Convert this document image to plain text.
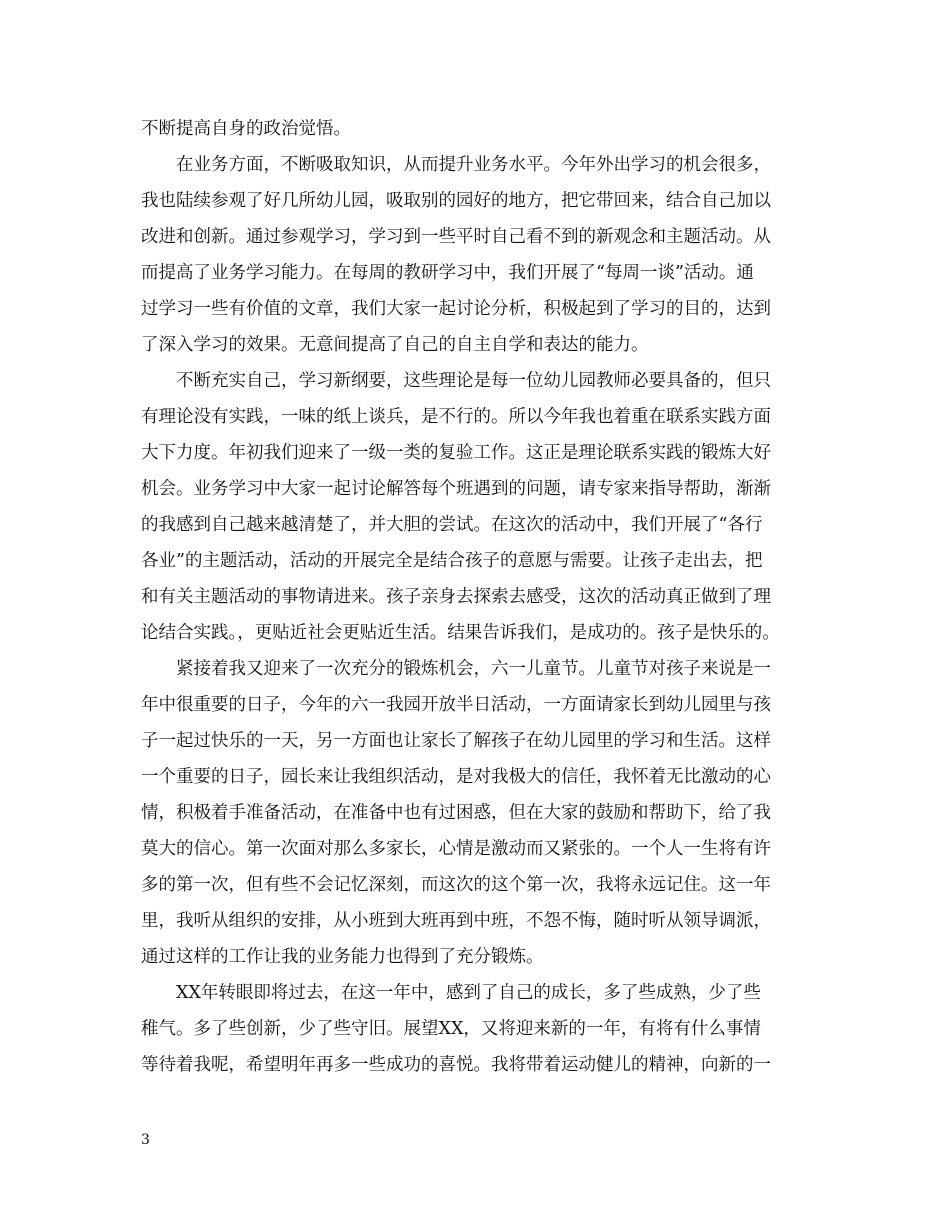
不断提高自身的政治觉悟。
在业务方面，不断吸取知识，从而提升业务水平。今年外出学习的机会很多，
我也陆续参观了好几所幼儿园，吸取别的园好的地方，把它带回来，结合自己加以
改进和创新。通过参观学习，学习到一些平时自己看不到的新观念和主题活动。从
而提高了业务学习能力。在每周的教研学习中，我们开展了“每周一谈”活动。通
过学习一些有价值的文章，我们大家一起讨论分析，积极起到了学习的目的，达到
了深入学习的效果。无意间提高了自己的自主自学和表达的能力。
不断充实自己，学习新纲要，这些理论是每一位幼儿园教师必要具备的，但只
有理论没有实践，一味的纸上谈兵，是不行的。所以今年我也着重在联系实践方面
大下力度。年初我们迎来了一级一类的复验工作。这正是理论联系实践的锻炼大好
机会。业务学习中大家一起讨论解答每个班遇到的问题，请专家来指导帮助，渐渐
的我感到自己越来越清楚了，并大胆的尝试。在这次的活动中，我们开展了“各行
各业”的主题活动，活动的开展完全是结合孩子的意愿与需要。让孩子走出去，把
和有关主题活动的事物请进来。孩子亲身去探索去感受，这次的活动真正做到了理
论结合实践。，更贴近社会更贴近生活。结果告诉我们，是成功的。孩子是快乐的。
紧接着我又迎来了一次充分的锻炼机会，六一儿童节。儿童节对孩子来说是一
年中很重要的日子，今年的六一我园开放半日活动，一方面请家长到幼儿园里与孩
子一起过快乐的一天，另一方面也让家长了解孩子在幼儿园里的学习和生活。这样
一个重要的日子，园长来让我组织活动，是对我极大的信任，我怀着无比激动的心
情，积极着手准备活动，在准备中也有过困惑，但在大家的鼓励和帮助下，给了我
莫大的信心。第一次面对那么多家长，心情是激动而又紧张的。一个人一生将有许
多的第一次，但有些不会记忆深刻，而这次的这个第一次，我将永远记住。这一年
里，我听从组织的安排，从小班到大班再到中班，不怨不悔，随时听从领导调派，
通过这样的工作让我的业务能力也得到了充分锻炼。
XX年转眼即将过去，在这一年中，感到了自己的成长，多了些成熟，少了些
稚气。多了些创新，少了些守旧。展望XX，又将迎来新的一年，有将有什么事情
等待着我呢，希望明年再多一些成功的喜悦。我将带着运动健儿的精神，向新的一
3
